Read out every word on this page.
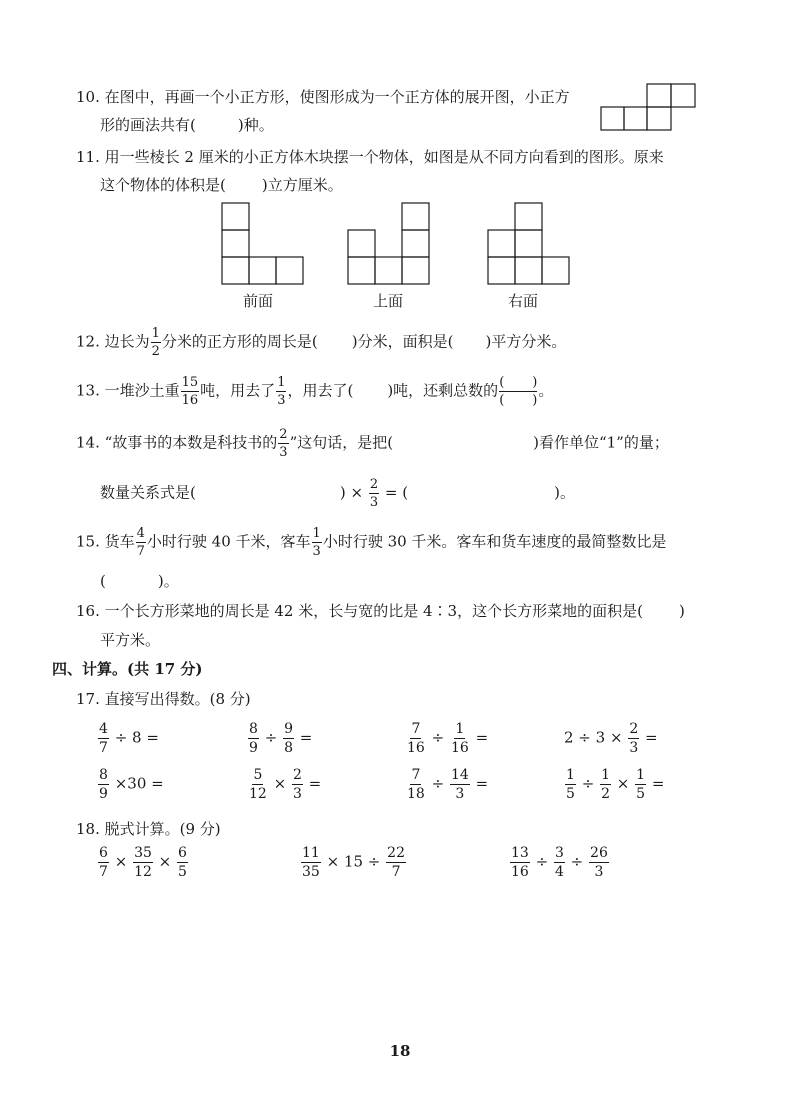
10. 在图中，再画一个小正方形，使图形成为一个正方体的展开图，小正方
形的画法共有(	)种。
11. 用一些棱长 2 厘米的小正方体木块摆一个物体，如图是从不同方向看到的图形。原来
这个物体的体积是( )立方厘米。
前面	上面	右面
12. 边长为 $\frac{1}{2}$ 分米的正方形的周长是( )分米，面积是( )平方分米。
13. 一堆沙土重 $\frac{15}{16}$ 吨，用去了 $\frac{1}{3}$ ，用去了( )吨，还剩总数的 $\frac{( )}{( )}$ 。
14. “故事书的本数是科技书的 $\frac{2}{3}$ ”这句话，是把(	)看作单位“1”的量；
数量关系式是(	) × $\frac{2}{3}$ = (	)。
15. 货车 $\frac{4}{7}$ 小时行驶 40 千米，客车 $\frac{1}{3}$ 小时行驶 30 千米。客车和货车速度的最简整数比是
(	)。
16. 一个长方形菜地的周长是 42 米，长与宽的比是 4∶3，这个长方形菜地的面积是( )
平方米。
四、计算。(共 17 分)
17. 直接写出得数。(8 分)
$\frac{4}{7} \div 8$ =	$\frac{8}{9} \div \frac{9}{8}$ =	$\frac{7}{16} \div \frac{1}{16}$ =	$2 \div 3 \times \frac{2}{3}$ =
$\frac{8}{9} \times 30$ =	$\frac{5}{12} \times \frac{2}{3}$ =	$\frac{7}{18} \div \frac{14}{3}$ =	$\frac{1}{5} \div \frac{1}{2} \times \frac{1}{5}$ =
18. 脱式计算。(9 分)
$\frac{6}{7} \times \frac{35}{12} \times \frac{6}{5}$	$\frac{11}{35} \times 15 \div \frac{22}{7}$	$\frac{13}{16} \div \frac{3}{4} \div \frac{26}{3}$
18
